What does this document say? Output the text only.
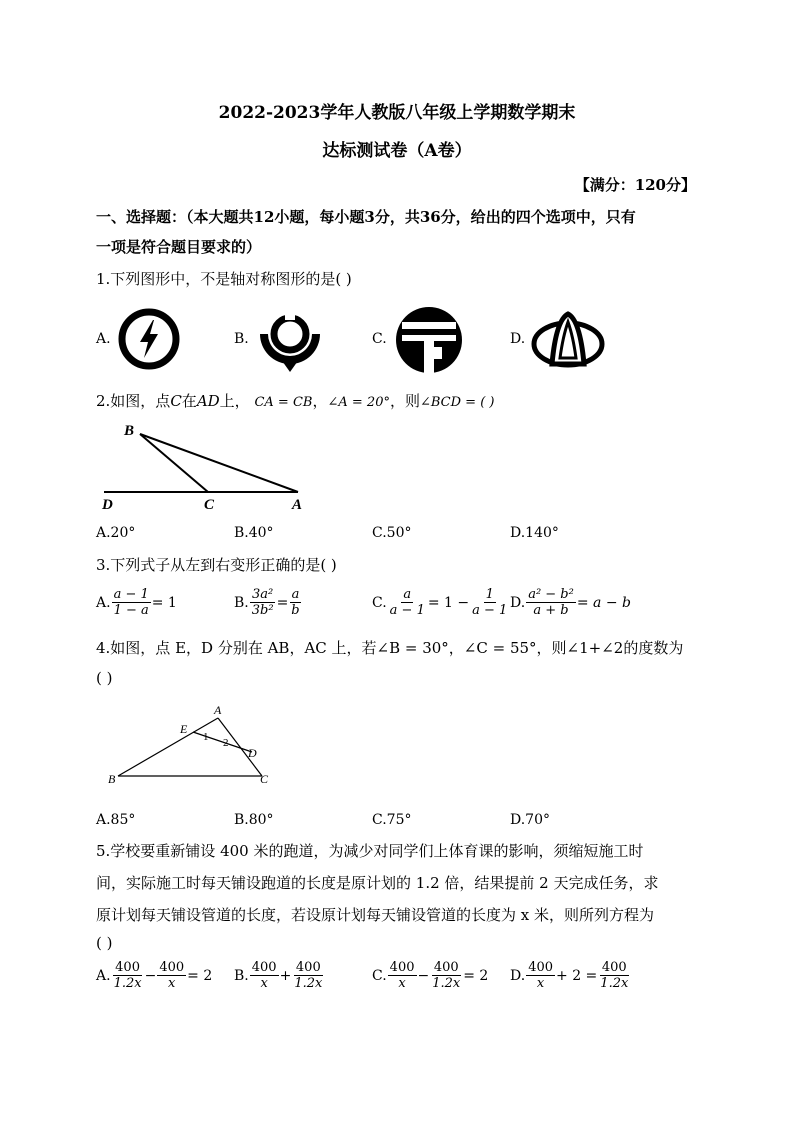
2022-2023学年人教版八年级上学期数学期末
达标测试卷（A卷）
【满分：120分】
一、选择题：（本大题共12小题，每小题3分，共36分，给出的四个选项中，只有
一项是符合题目要求的）
1.下列图形中，不是轴对称图形的是( )
A.	B.	C.	D.
2.如图，点C在AD上， CA = CB，∠A = 20°，则∠BCD = ( )
B
D	C	A
A.20°	B.40°	C.50°	D.140°
3.下列式子从左到右变形正确的是( )
A. $\frac{a - 1}{1 - a} = 1$	B. $\frac{\text{3a²}}{\text{3b²}} = \frac{a}{b}$	C. $\frac{a}{a - 1} = 1 - \frac{1}{a - 1} D$. $\frac{\text{a² − b²}}{a + b} = a - b$
4.如图，点 E，D 分别在 AB，AC 上，若∠B = 30°，∠C = 55°，则∠1+∠2的度数为
( )
A
E
D
B	C
1 2
A.85°	B.80°	C.75°	D.70°
5.学校要重新铺设 400 米的跑道，为减少对同学们上体育课的影响，须缩短施工时
间，实际施工时每天铺设跑道的长度是原计划的 1.2 倍，结果提前 2 天完成任务，求
原计划每天铺设管道的长度，若设原计划每天铺设管道的长度为 x 米，则所列方程为
( )
A. $\frac{400}{1.2x} - \frac{400}{x} = 2$ B. $\frac{400}{x} + \frac{400}{1.2x}$	C. $\frac{400}{x} - \frac{400}{1.2x} = 2$ D. $\frac{400}{x} + 2 = \frac{400}{1.2x}$
